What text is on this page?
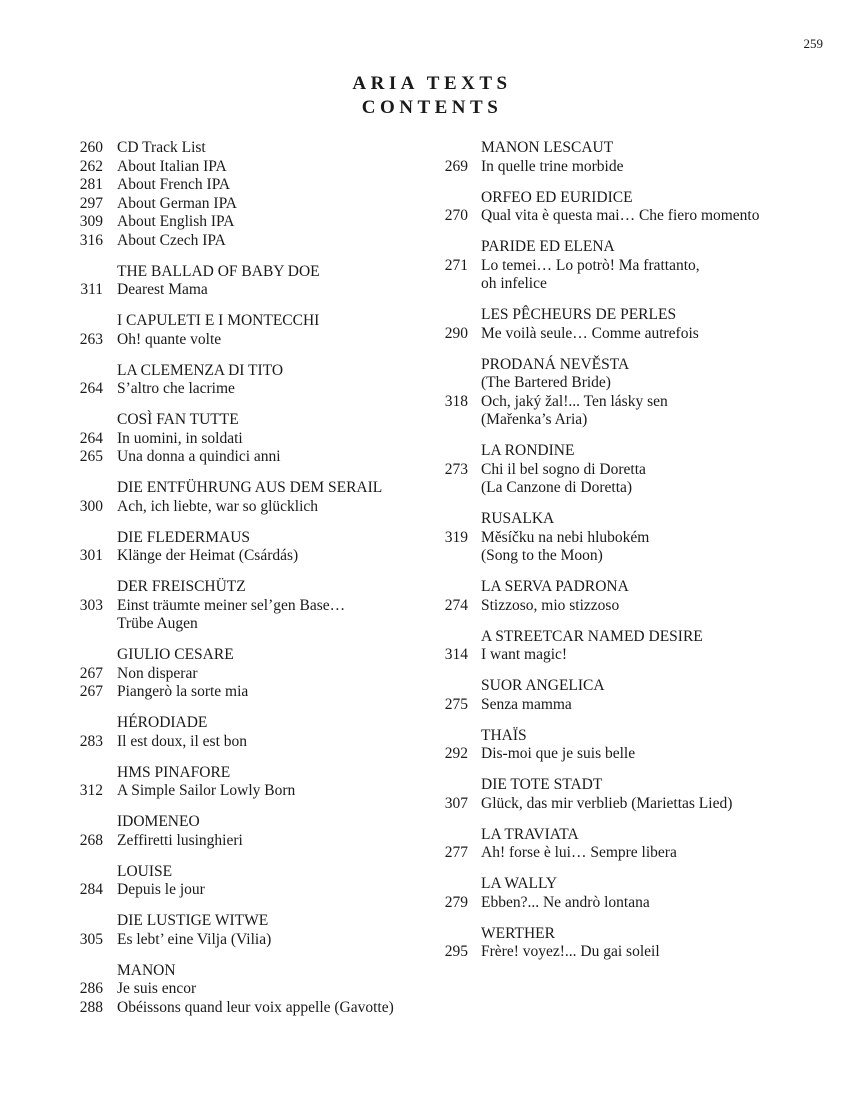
259
ARIA TEXTS
CONTENTS
260 CD Track List
262 About Italian IPA
281 About French IPA
297 About German IPA
309 About English IPA
316 About Czech IPA
THE BALLAD OF BABY DOE
311 Dearest Mama
I CAPULETI E I MONTECCHI
263 Oh! quante volte
LA CLEMENZA DI TITO
264 S’altro che lacrime
COSÌ FAN TUTTE
264 In uomini, in soldati
265 Una donna a quindici anni
DIE ENTFÜHRUNG AUS DEM SERAIL
300 Ach, ich liebte, war so glücklich
DIE FLEDERMAUS
301 Klänge der Heimat (Csárdás)
DER FREISCHÜTZ
303 Einst träumte meiner sel’gen Base…
Trübe Augen
GIULIO CESARE
267 Non disperar
267 Piangerò la sorte mia
HÉRODIADE
283 Il est doux, il est bon
HMS PINAFORE
312 A Simple Sailor Lowly Born
IDOMENEO
268 Zeffiretti lusinghieri
LOUISE
284 Depuis le jour
DIE LUSTIGE WITWE
305 Es lebt’ eine Vilja (Vilia)
MANON
286 Je suis encor
288 Obéissons quand leur voix appelle (Gavotte)
MANON LESCAUT
269 In quelle trine morbide
ORFEO ED EURIDICE
270 Qual vita è questa mai… Che fiero momento
PARIDE ED ELENA
271 Lo temei… Lo potrò! Ma frattanto,
oh infelice
LES PÊCHEURS DE PERLES
290 Me voilà seule… Comme autrefois
PRODANÁ NEVĚSTA
(The Bartered Bride)
318 Och, jaký žal!... Ten lásky sen
(Mařenka’s Aria)
LA RONDINE
273 Chi il bel sogno di Doretta
(La Canzone di Doretta)
RUSALKA
319 Měsíčku na nebi hlubokém
(Song to the Moon)
LA SERVA PADRONA
274 Stizzoso, mio stizzoso
A STREETCAR NAMED DESIRE
314 I want magic!
SUOR ANGELICA
275 Senza mamma
THAÏS
292 Dis-moi que je suis belle
DIE TOTE STADT
307 Glück, das mir verblieb (Mariettas Lied)
LA TRAVIATA
277 Ah! forse è lui… Sempre libera
LA WALLY
279 Ebben?... Ne andrò lontana
WERTHER
295 Frère! voyez!... Du gai soleil
